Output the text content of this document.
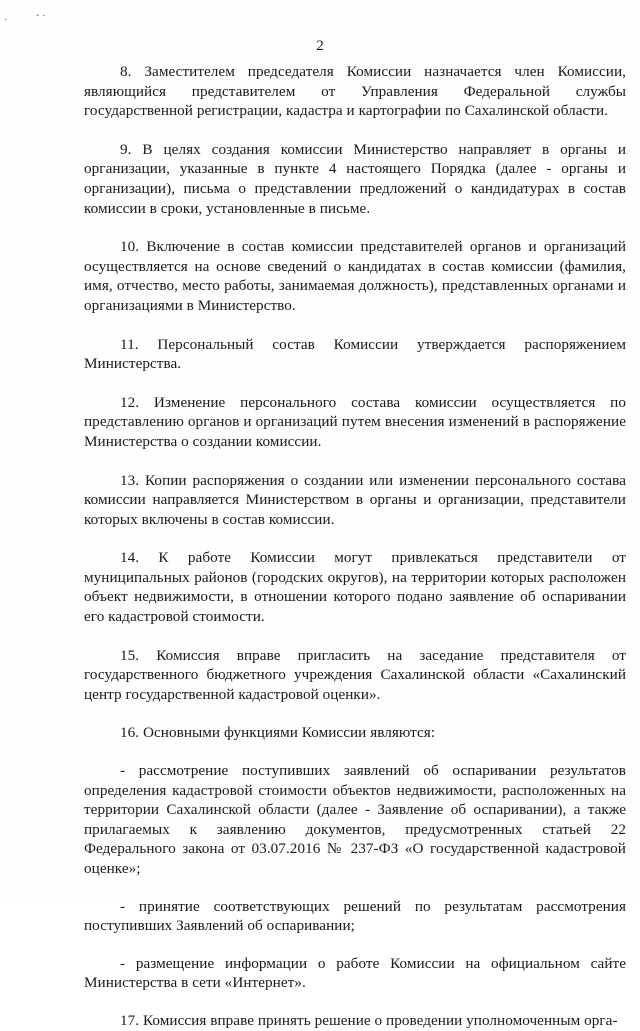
·	- ·
2

8. Заместителем председателя Комиссии назначается член Комиссии, являющийся представителем от Управления Федеральной службы государственной регистрации, кадастра и картографии по Сахалинской области.

9. В целях создания комиссии Министерство направляет в органы и организации, указанные в пункте 4 настоящего Порядка (далее - органы и организации), письма о представлении предложений о кандидатурах в состав комиссии в сроки, установленные в письме.

10. Включение в состав комиссии представителей органов и организаций осуществляется на основе сведений о кандидатах в состав комиссии (фамилия, имя, отчество, место работы, занимаемая должность), представленных органами и организациями в Министерство.

11. Персональный состав Комиссии утверждается распоряжением Министерства.

12. Изменение персонального состава комиссии осуществляется по представлению органов и организаций путем внесения изменений в распоряжение Министерства о создании комиссии.

13. Копии распоряжения о создании или изменении персонального состава комиссии направляется Министерством в органы и организации, представители которых включены в состав комиссии.

14. К работе Комиссии могут привлекаться представители от муниципальных районов (городских округов), на территории которых расположен объект недвижимости, в отношении которого подано заявление об оспаривании его кадастровой стоимости.

15. Комиссия вправе пригласить на заседание представителя от государственного бюджетного учреждения Сахалинской области «Сахалинский центр государственной кадастровой оценки».

16. Основными функциями Комиссии являются:

- рассмотрение поступивших заявлений об оспаривании результатов определения кадастровой стоимости объектов недвижимости, расположенных на территории Сахалинской области (далее - Заявление об оспаривании), а также прилагаемых к заявлению документов, предусмотренных статьей 22 Федерального закона от 03.07.2016 № 237-ФЗ «О государственной кадастровой оценке»;

- принятие соответствующих решений по результатам рассмотрения поступивших Заявлений об оспаривании;

- размещение информации о работе Комиссии на официальном сайте Министерства в сети «Интернет».

17. Комиссия вправе принять решение о проведении уполномоченным орга-
